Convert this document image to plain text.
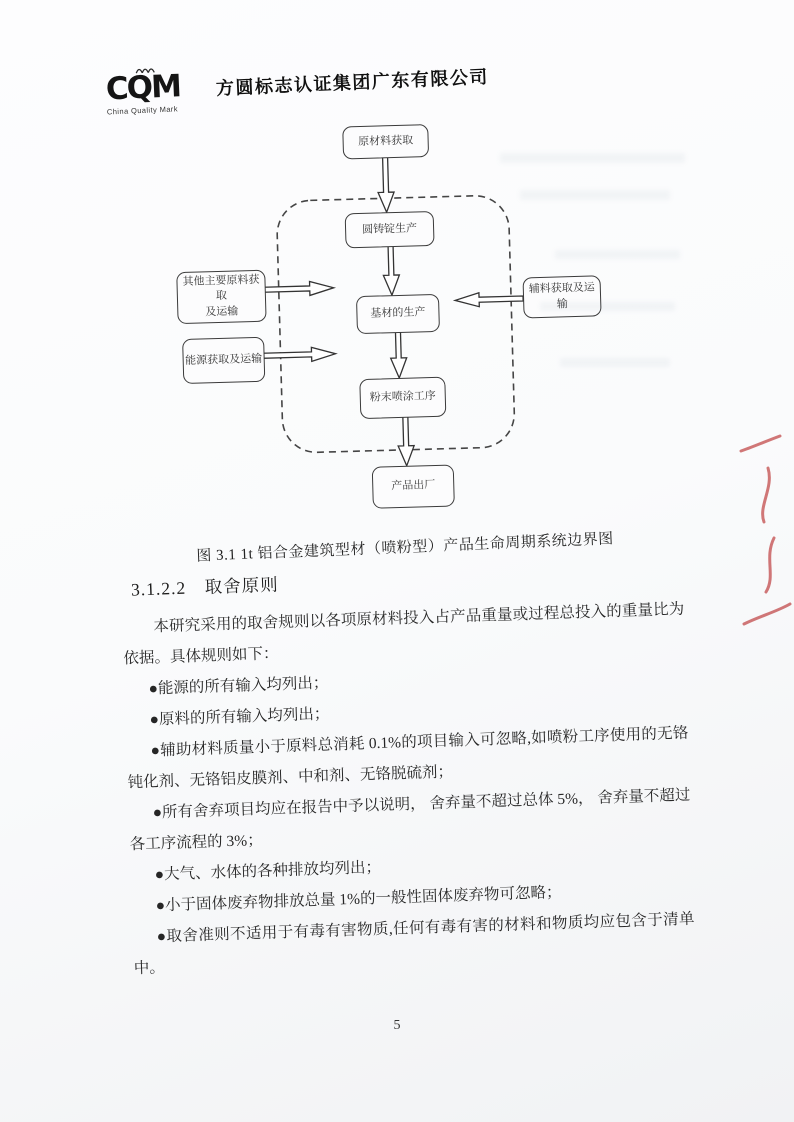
CQM
China Quality Mark
方圆标志认证集团广东有限公司
原材料获取
圆铸锭生产
其他主要原料获取
及运输	基材的生产
辅料获取及运输
能源获取及运输
粉末喷涂工序
产品出厂
图 3.1 1t 铝合金建筑型材（喷粉型）产品生命周期系统边界图
3.1.2.2　取舍原则

本研究采用的取舍规则以各项原材料投入占产品重量或过程总投入的重量比为依据。具体规则如下：

●能源的所有输入均列出；

●原料的所有输入均列出；

●辅助材料质量小于原料总消耗 0.1%的项目输入可忽略,如喷粉工序使用的无铬钝化剂、无铬铝皮膜剂、中和剂、无铬脱硫剂；

●所有舍弃项目均应在报告中予以说明， 舍弃量不超过总体 5%， 舍弃量不超过各工序流程的 3%；

●大气、水体的各种排放均列出；

●小于固体废弃物排放总量 1%的一般性固体废弃物可忽略；

●取舍准则不适用于有毒有害物质,任何有毒有害的材料和物质均应包含于清单中。

5
